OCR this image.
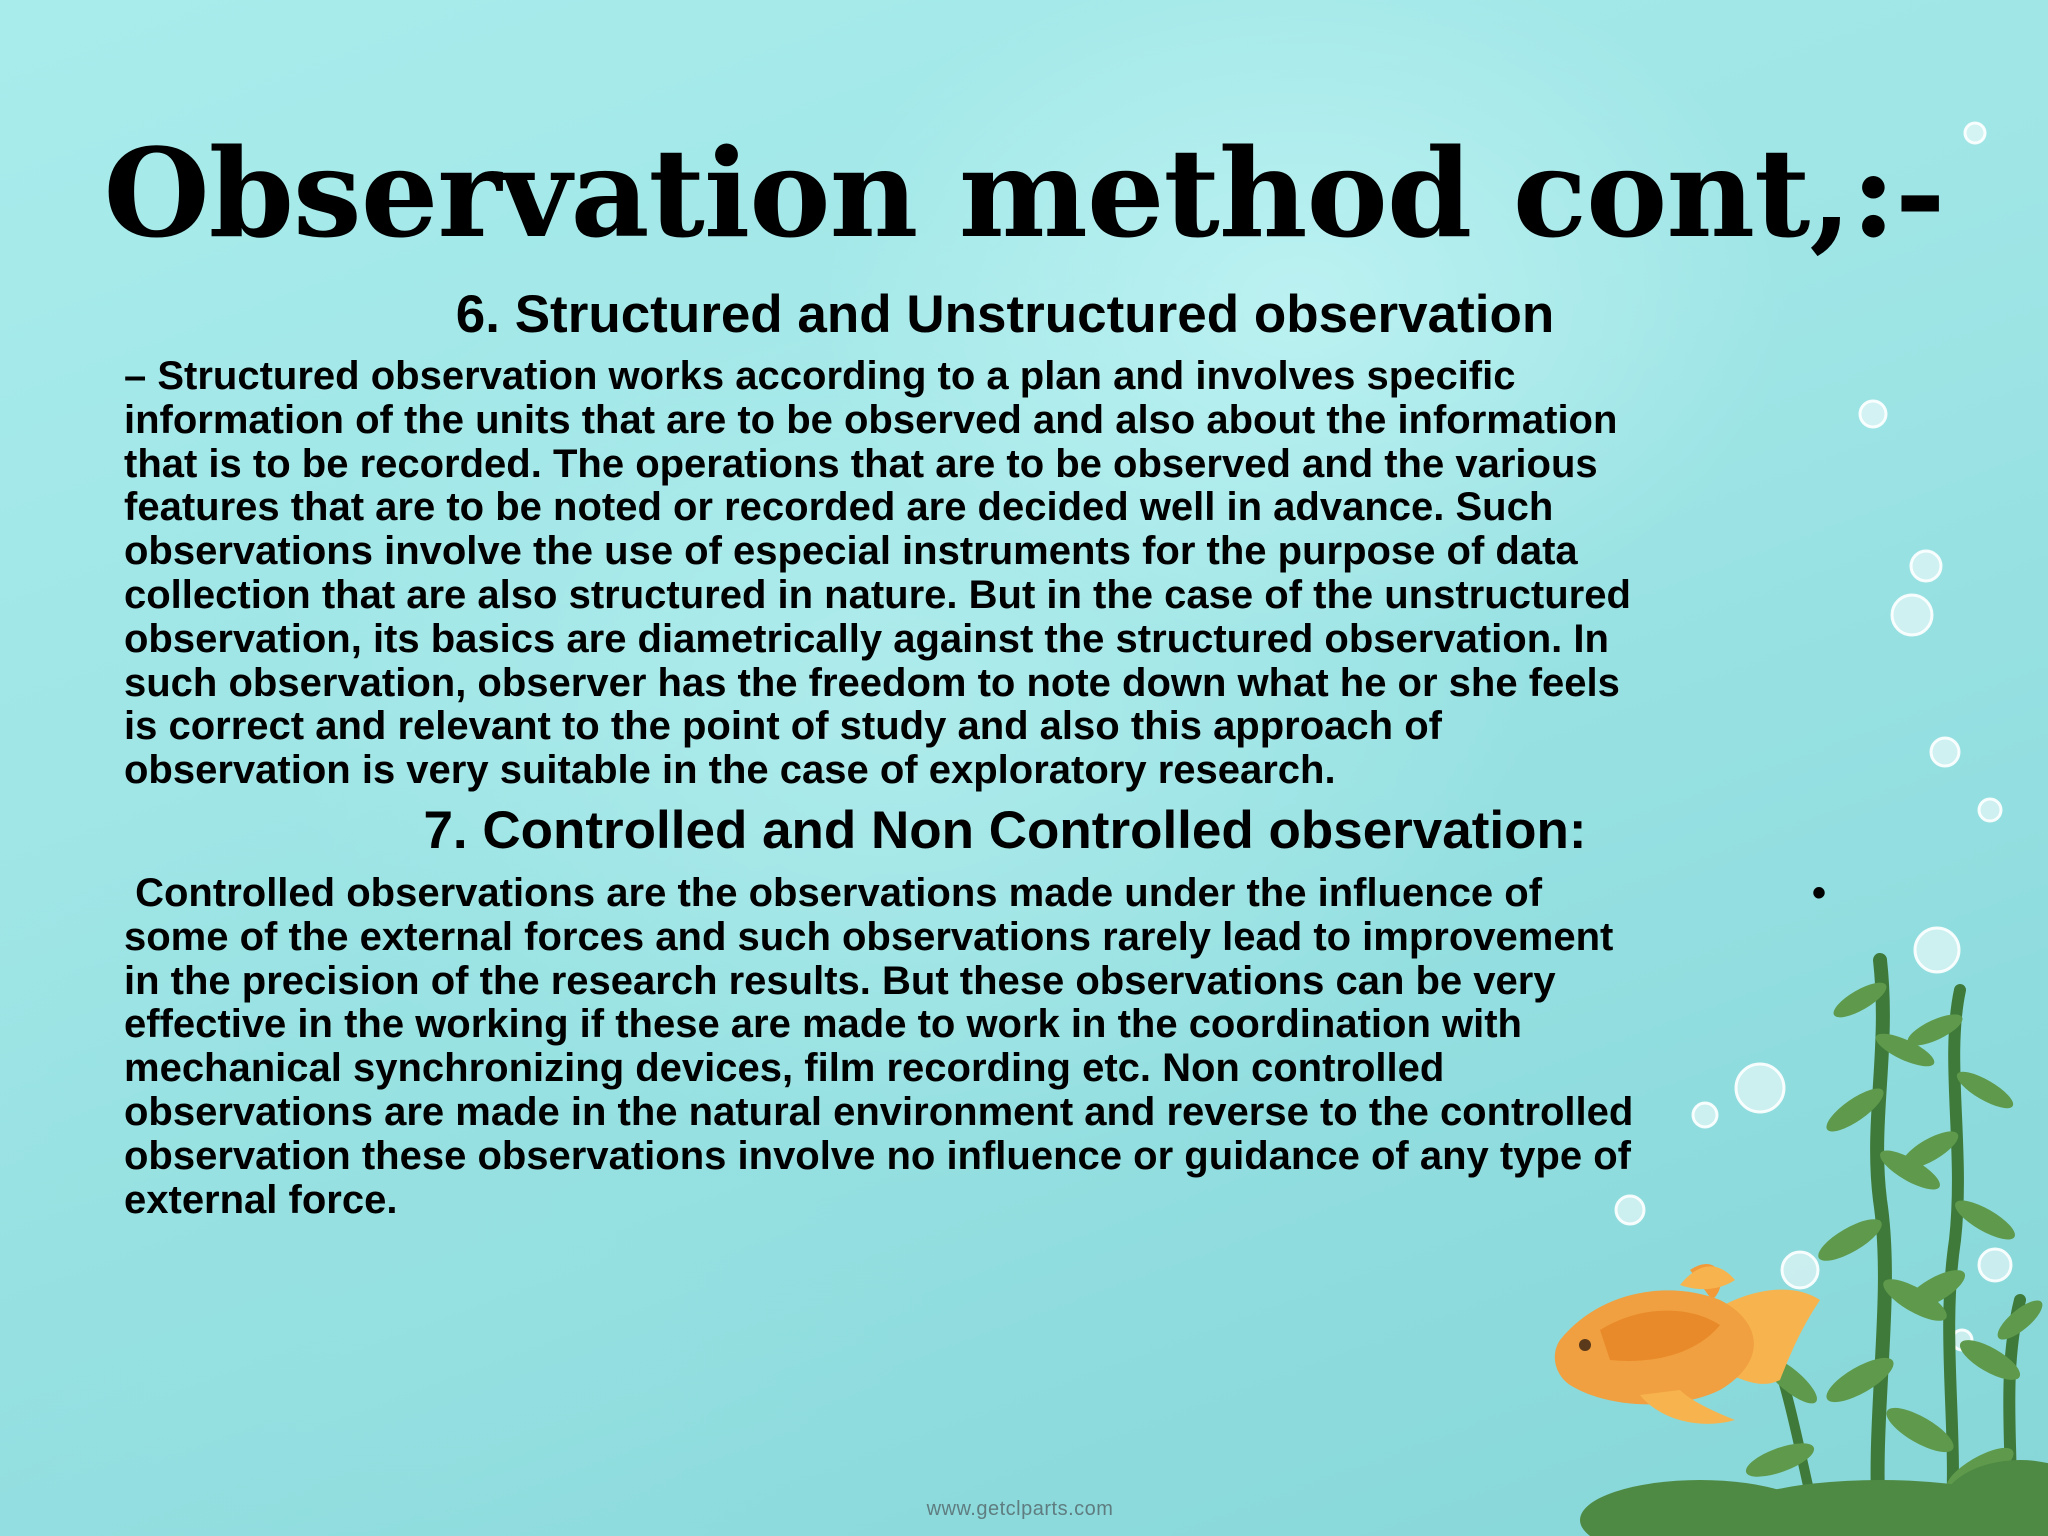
Observation method cont,:-
6. Structured and Unstructured observation
– Structured observation works according to a plan and involves specific
information of the units that are to be observed and also about the information
that is to be recorded. The operations that are to be observed and the various
features that are to be noted or recorded are decided well in advance. Such
observations involve the use of especial instruments for the purpose of data
collection that are also structured in nature. But in the case of the unstructured
observation, its basics are diametrically against the structured observation. In
such observation, observer has the freedom to note down what he or she feels
is correct and relevant to the point of study and also this approach of
observation is very suitable in the case of exploratory research.
7. Controlled and Non Controlled observation:
Controlled observations are the observations made under the influence of
some of the external forces and such observations rarely lead to improvement
in the precision of the research results. But these observations can be very
effective in the working if these are made to work in the coordination with
mechanical synchronizing devices, film recording etc. Non controlled
observations are made in the natural environment and reverse to the controlled
observation these observations involve no influence or guidance of any type of
external force.
•
www.getclparts.com
